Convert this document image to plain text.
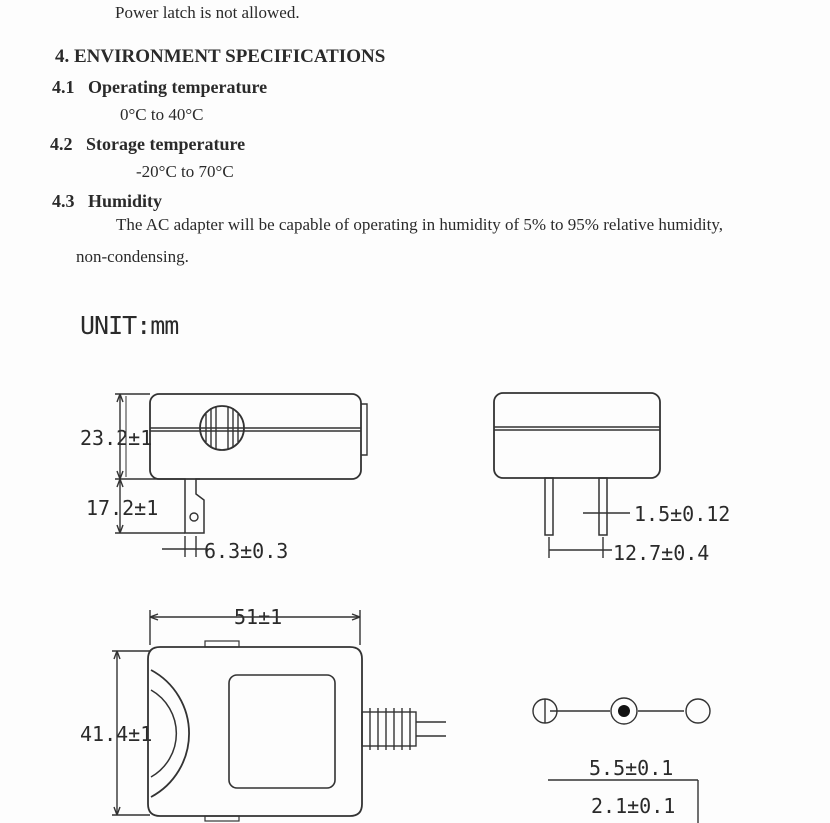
Power latch is not allowed.
4. ENVIRONMENT SPECIFICATIONS
4.1 Operating temperature
0°C to 40°C
4.2 Storage temperature
-20°C to 70°C
4.3 Humidity
The AC adapter will be capable of operating in humidity of 5% to 95% relative humidity,
non-condensing.
UNIT:mm
23.2±1
17.2±1
6.3±0.3
1.5±0.12
12.7±0.4
51±1
41.4±1
5.5±0.1
2.1±0.1
